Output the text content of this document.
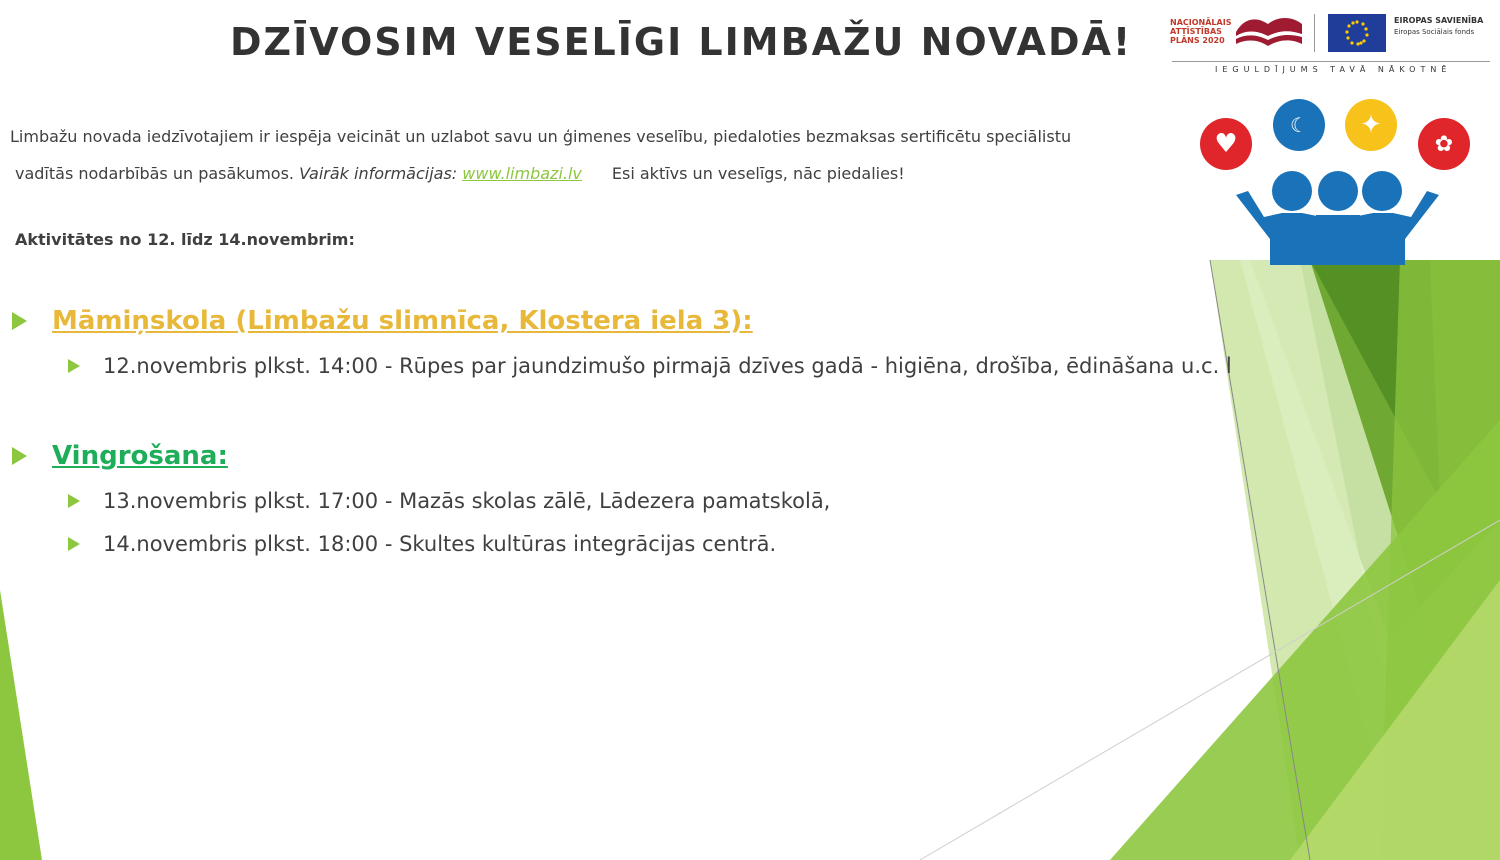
DZĪVOSIM VESELĪGI LIMBAŽU NOVADĀ!
Limbažu novada iedzīvotajiem ir iespēja veicināt un uzlabot savu un ģimenes veselību, piedaloties bezmaksas sertificētu speciālistu
vadītās nodarbībās un pasākumos. Vairāk informācijas: www.limbazi.lv Esi aktīvs un veselīgs, nāc piedalies!
Aktivitātes no 12. līdz 14.novembrim:
Māmiņskola (Limbažu slimnīca, Klostera iela 3):
12.novembris plkst. 14:00 - Rūpes par jaundzimušo pirmajā dzīves gadā - higiēna, drošība, ēdināšana u.c. l
Vingrošana:
13.novembris plkst. 17:00 - Mazās skolas zālē, Lādezera pamatskolā,
14.novembris plkst. 18:00 - Skultes kultūras integrācijas centrā.
NACIONĀLAIS ATTĪSTĪBAS PLĀNS 2020
EIROPAS SAVIENĪBA
Eiropas Sociālais fonds
IEGULDĪJUMS TAVĀ NĀKOTNĒ
♥
☾	✦
✿
